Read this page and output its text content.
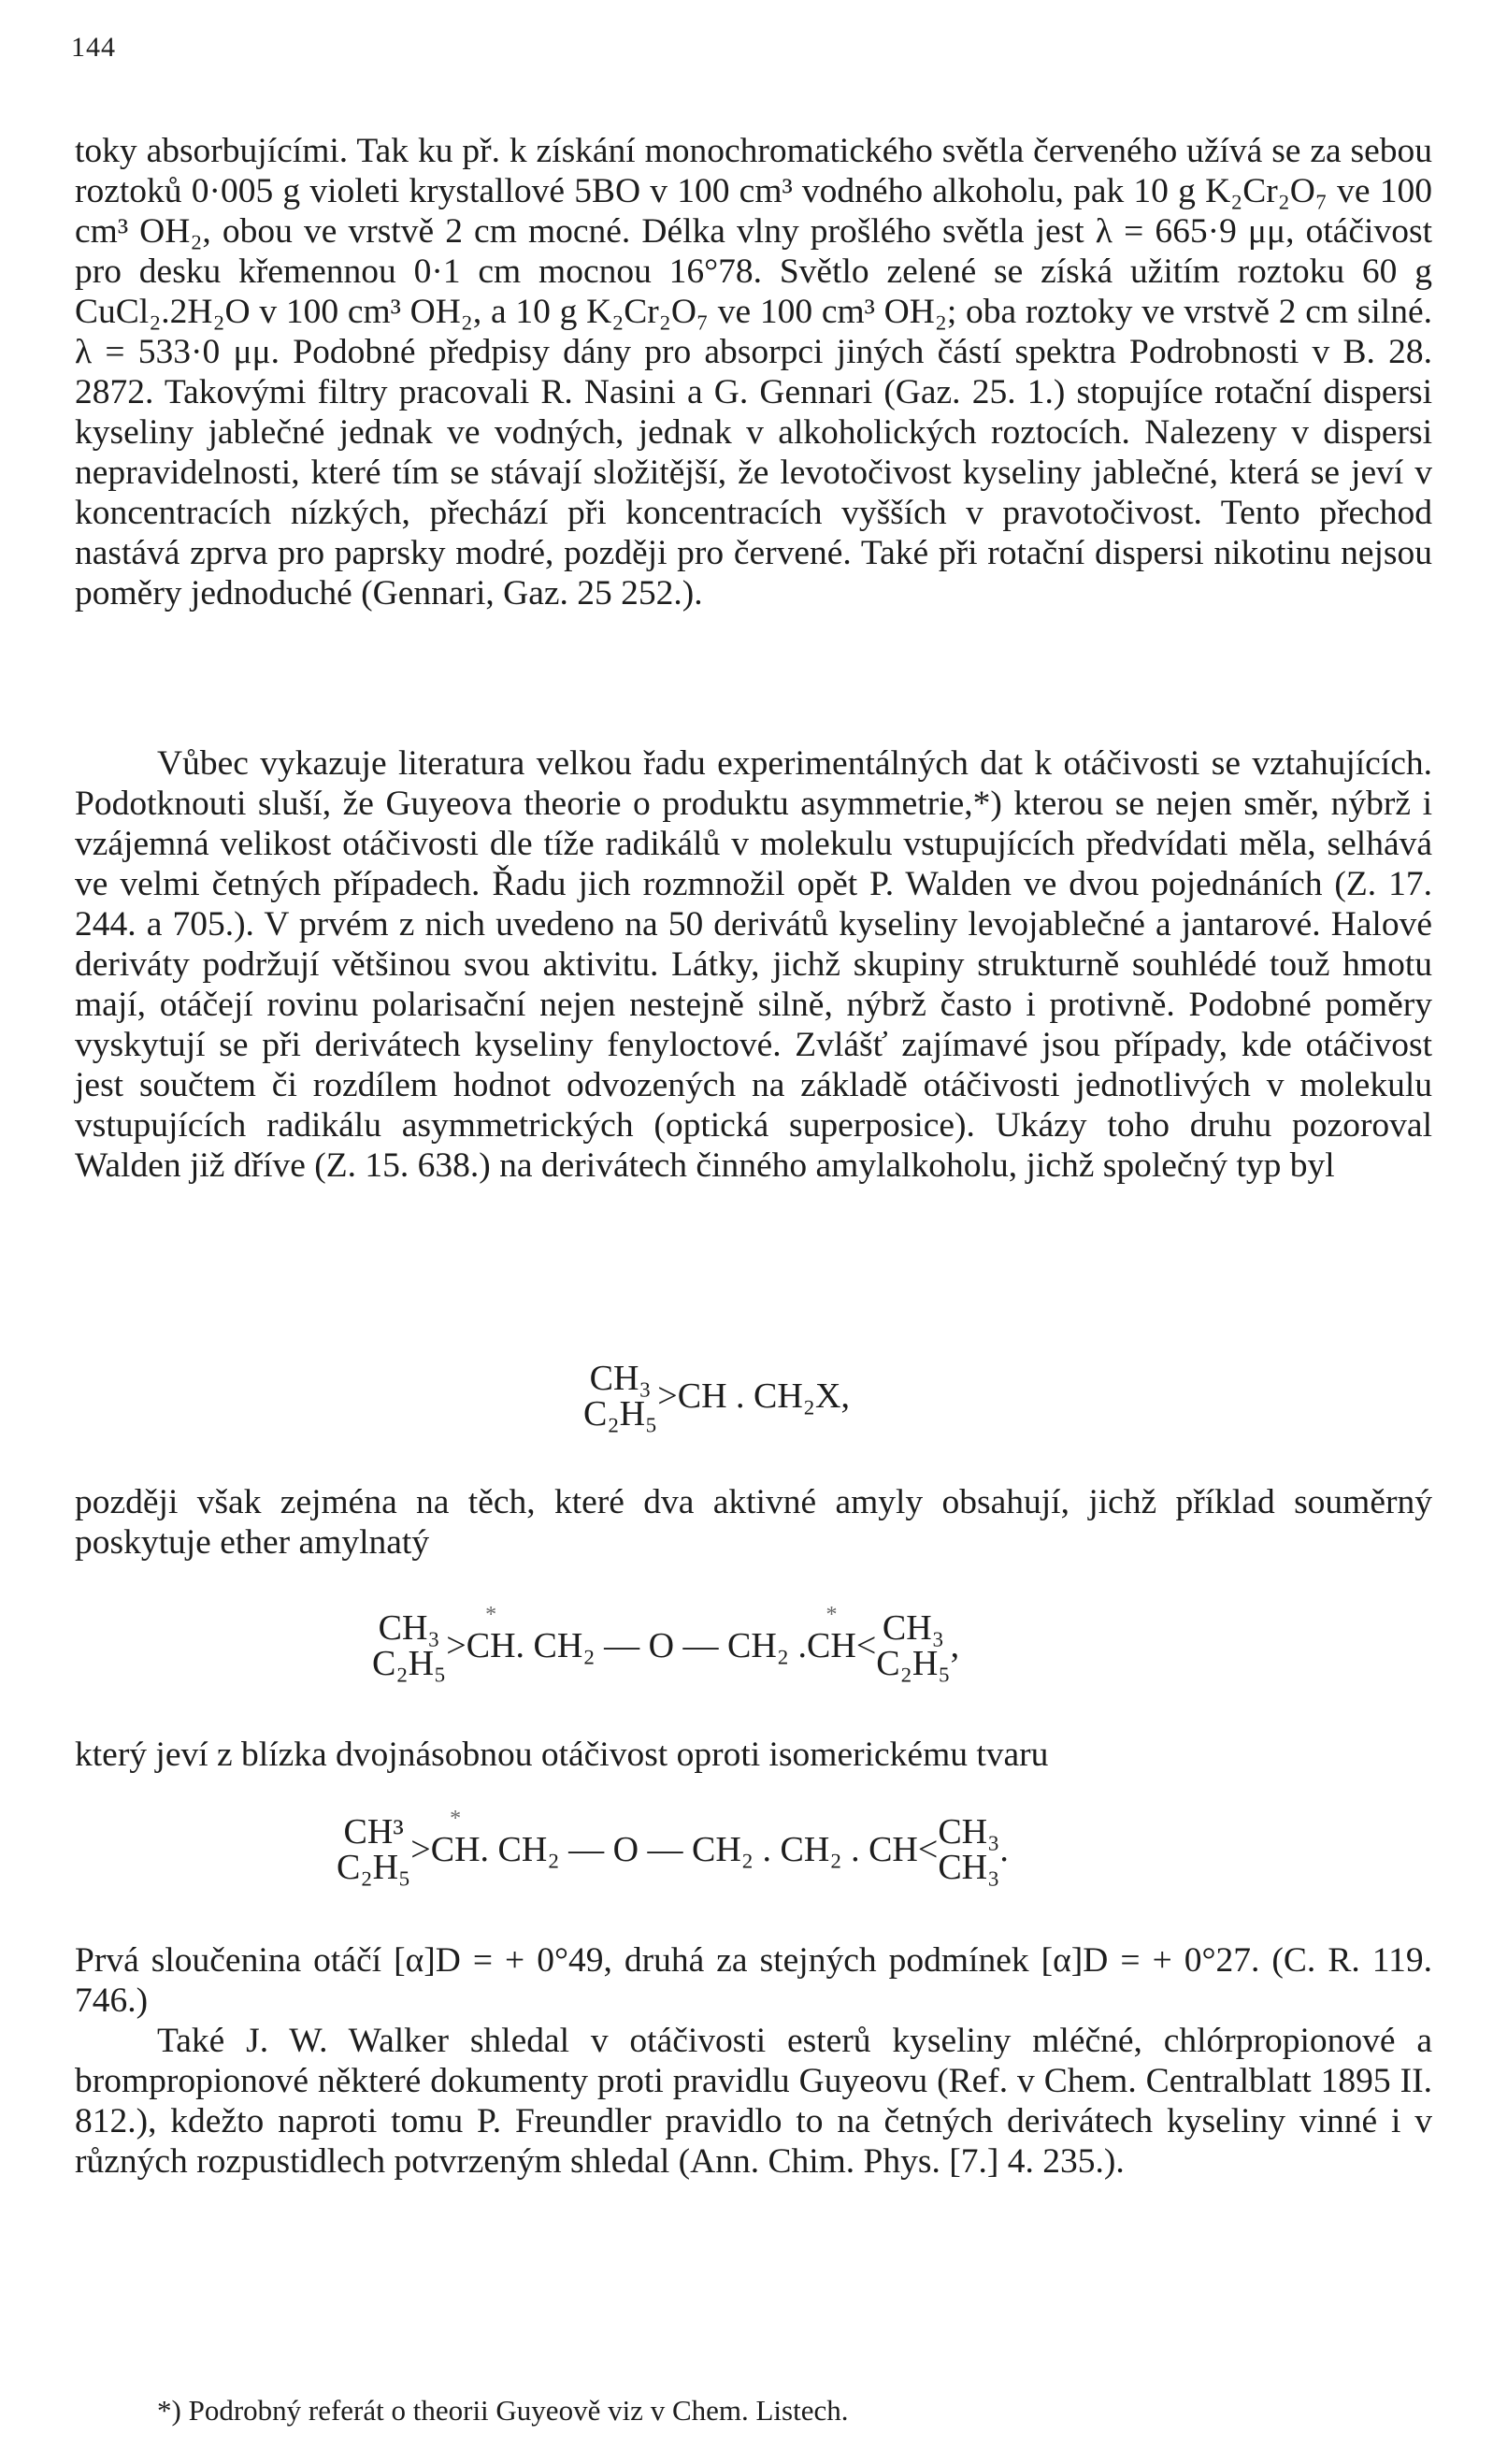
144

toky absorbujícími. Tak ku př. k získání monochromatického světla červeného užívá se za sebou roztoků 0·005 g violeti krystallové 5BO v 100 cm³ vodného alkoholu, pak 10 g K₂Cr₂O₇ ve 100 cm³ OH₂, obou ve vrstvě 2 cm mocné. Délka vlny prošlého světla jest λ = 665·9 μμ, otáčivost pro desku křemennou 0·1 cm mocnou 16°78. Světlo zelené se získá užitím roztoku 60 g CuCl₂.2H₂O v 100 cm³ OH₂, a 10 g K₂Cr₂O₇ ve 100 cm³ OH₂; oba roztoky ve vrstvě 2 cm silné. λ = 533·0 μμ. Podobné předpisy dány pro absorpci jiných částí spektra Podrobnosti v B. 28. 2872. Takovými filtry pracovali R. Nasini a G. Gennari (Gaz. 25. 1.) stopujíce rotační dispersi kyseliny jablečné jednak ve vodných, jednak v alkoholických roztocích. Nalezeny v dispersi nepravidelnosti, které tím se stávají složitější, že levotočivost kyseliny jablečné, která se jeví v koncentracích nízkých, přechází při koncentracích vyšších v pravotočivost. Tento přechod nastává zprva pro paprsky modré, později pro červené. Také při rotační dispersi nikotinu nejsou poměry jednoduché (Gennari, Gaz. 25 252.).

Vůbec vykazuje literatura velkou řadu experimentálných dat k otáčivosti se vztahujících. Podotknouti sluší, že Guyeova theorie o produktu asymmetrie,*) kterou se nejen směr, nýbrž i vzájemná velikost otáčivosti dle tíže radikálů v molekulu vstupujících předvídati měla, selhává ve velmi četných případech. Řadu jich rozmnožil opět P. Walden ve dvou pojednáních (Z. 17. 244. a 705.). V prvém z nich uvedeno na 50 derivátů kyseliny levojablečné a jantarové. Halové deriváty podržují většinou svou aktivitu. Látky, jichž skupiny strukturně souhlédé touž hmotu mají, otáčejí rovinu polarisační nejen nestejně silně, nýbrž často i protivně. Podobné poměry vyskytují se při derivátech kyseliny fenyloctové. Zvlášť zajímavé jsou případy, kde otáčivost jest součtem či rozdílem hodnot odvozených na základě otáčivosti jednotlivých v molekulu vstupujících radikálu asymmetrických (optická superposice). Ukázy toho druhu pozoroval Walden již dříve (Z. 15. 638.) na derivátech činného amylalkoholu, jichž společný typ byl

CH₃
C₂H₅ >CH . CH₂X,

později však zejména na těch, které dva aktivné amyly obsahují, jichž příklad souměrný poskytuje ether amylnatý

CH₃
C₂H₅ >* CH. CH₂ — O — CH₂ .* CH< CH₃
C₂H₅ ,

který jeví z blízka dvojnásobnou otáčivost oproti isomerickému tvaru

CH³
C₂H₅ >* CH. CH₂ — O — CH₂ . CH₂ . CH< CH₃
CH₃ .

Prvá sloučenina otáčí [α]D = + 0°49, druhá za stejných podmínek [α]D = + 0°27. (C. R. 119. 746.)

Také J. W. Walker shledal v otáčivosti esterů kyseliny mléčné, chlórpropionové a brompropionové některé dokumenty proti pravidlu Guyeovu (Ref. v Chem. Centralblatt 1895 II. 812.), kdežto naproti tomu P. Freundler pravidlo to na četných derivátech kyseliny vinné i v různých rozpustidlech potvrzeným shledal (Ann. Chim. Phys. [7.] 4. 235.).

*) Podrobný referát o theorii Guyeově viz v Chem. Listech.
